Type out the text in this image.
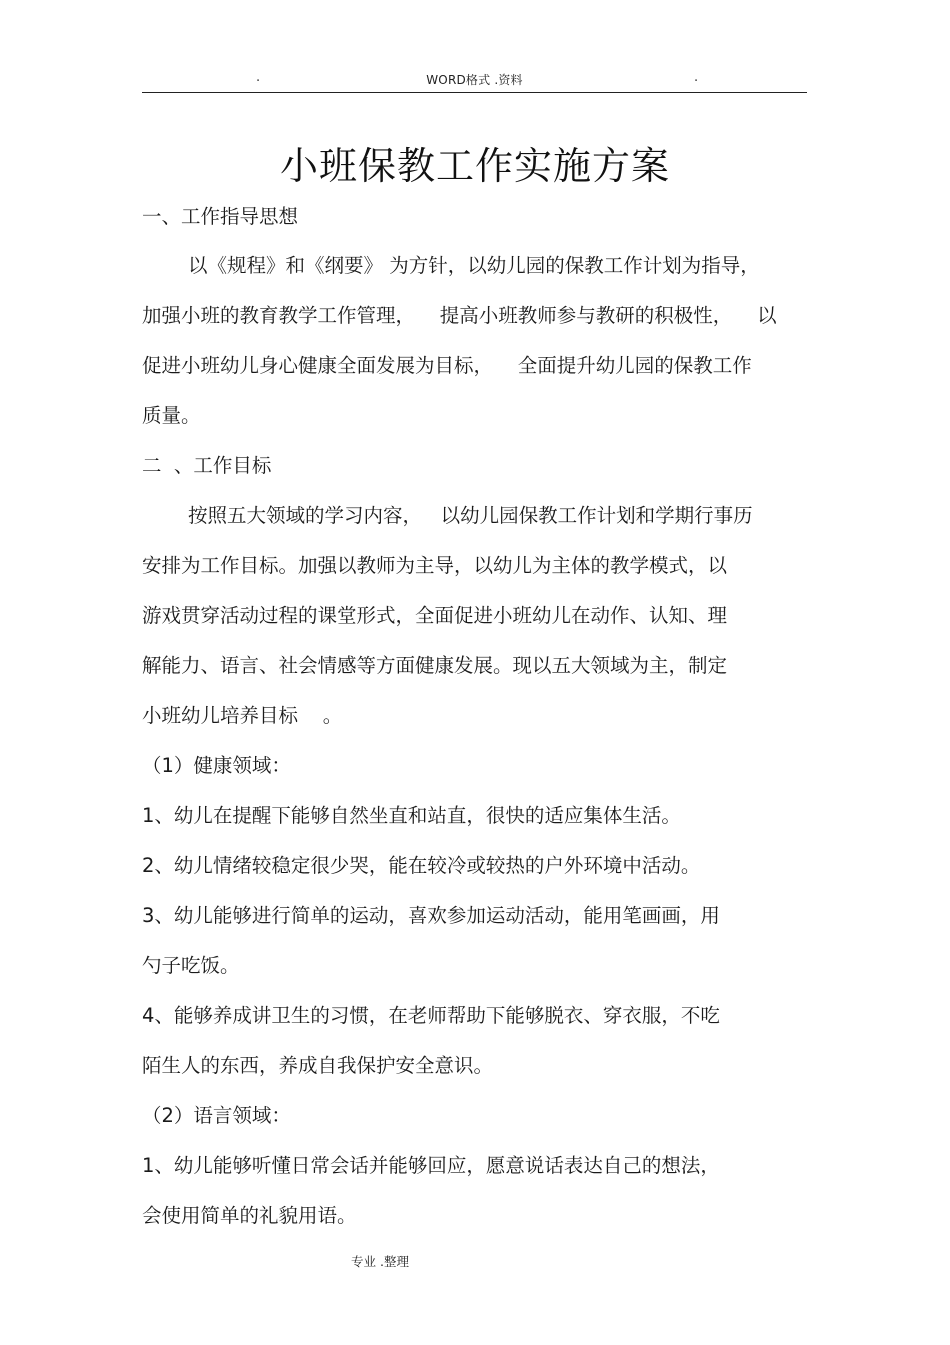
.	WORD格式 .资料	.
小班保教工作实施方案
一、工作指导思想
以《规程》和《纲要》 为方针，以幼儿园的保教工作计划为指导，
加强小班的教育教学工作管理，    提高小班教师参与教研的积极性，    以
促进小班幼儿身心健康全面发展为目标，    全面提升幼儿园的保教工作
质量。
二  、工作目标
按照五大领域的学习内容，   以幼儿园保教工作计划和学期行事历
安排为工作目标。加强以教师为主导，以幼儿为主体的教学模式，以
游戏贯穿活动过程的课堂形式，全面促进小班幼儿在动作、认知、理
解能力、语言、社会情感等方面健康发展。现以五大领域为主，制定
小班幼儿培养目标    。
（1）健康领域：
1、幼儿在提醒下能够自然坐直和站直，很快的适应集体生活。
2、幼儿情绪较稳定很少哭，能在较冷或较热的户外环境中活动。
3、幼儿能够进行简单的运动，喜欢参加运动活动，能用笔画画，用
勺子吃饭。
4、能够养成讲卫生的习惯，在老师帮助下能够脱衣、穿衣服，不吃
陌生人的东西，养成自我保护安全意识。
（2）语言领域：
1、幼儿能够听懂日常会话并能够回应，愿意说话表达自己的想法，
会使用简单的礼貌用语。
专业 .整理
